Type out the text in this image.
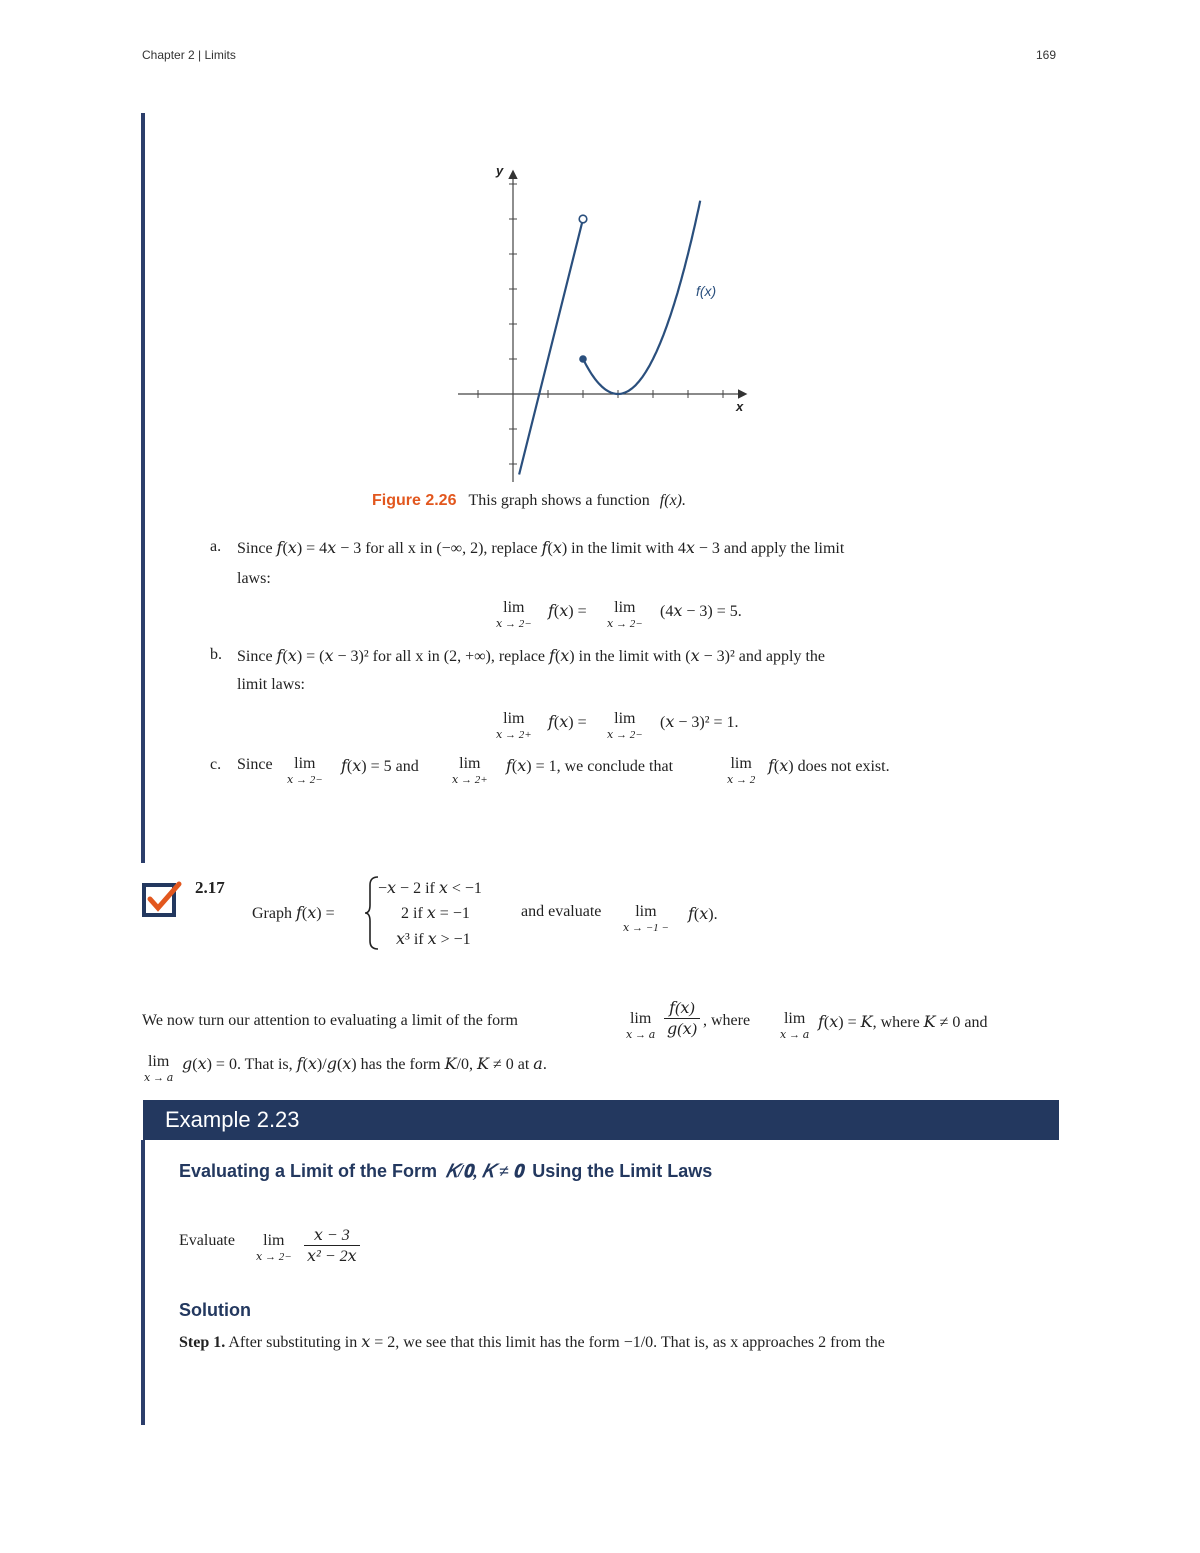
Chapter 2 | Limits	169
x
y
f(x)
Figure 2.26 This graph shows a function f(x).
a. Since 𝑓(𝑥) = 4𝑥 − 3 for all x in (−∞, 2), replace 𝑓(𝑥) in the limit with 4𝑥 − 3 and apply the limit
laws:
lim
𝑥 → 2−
𝑓(𝑥) =	lim
𝑥 → 2−
(4𝑥 − 3) = 5.
b. Since 𝑓(𝑥) = (𝑥 − 3)² for all x in (2, +∞), replace 𝑓(𝑥) in the limit with (𝑥 − 3)² and apply the
limit laws:
lim
𝑥 → 2+
𝑓(𝑥) =	lim
𝑥 → 2−
(𝑥 − 3)² = 1.
c. Since	lim
𝑥 → 2−
𝑓(𝑥) = 5 and	lim
𝑥 → 2+
𝑓(𝑥) = 1, we conclude that	lim
𝑥 → 2
𝑓(𝑥) does not exist.
2.17
Graph 𝑓(𝑥) =
−𝑥 − 2 if 𝑥 < −1
2 if 𝑥 = −1
𝑥³ if 𝑥 > −1
and evaluate	lim
𝑥 → −1 −
𝑓(𝑥).
We now turn our attention to evaluating a limit of the form	lim
𝑥 → 𝑎 $\frac{\text{𝑓(𝑥)}}{\text{𝑔(𝑥)}}$ , where lim
𝑥 → 𝑎
𝑓(𝑥) = 𝐾, where 𝐾 ≠ 0 and
lim
𝑥 → 𝑎
𝑔(𝑥) = 0. That is, 𝑓(𝑥)/𝑔(𝑥) has the form 𝐾/0, 𝐾 ≠ 0 at 𝑎.
Example 2.23
Evaluating a Limit of the Form 𝐾/𝟎, 𝐾 ≠ 𝟎 Using the Limit Laws
Evaluate	lim
𝑥 → $2- \frac{\text{𝑥 − 3}}{\text{𝑥² − 2𝑥}}$
Solution
Step 1. After substituting in 𝑥 = 2, we see that this limit has the form −1/0. That is, as x approaches 2 from the
